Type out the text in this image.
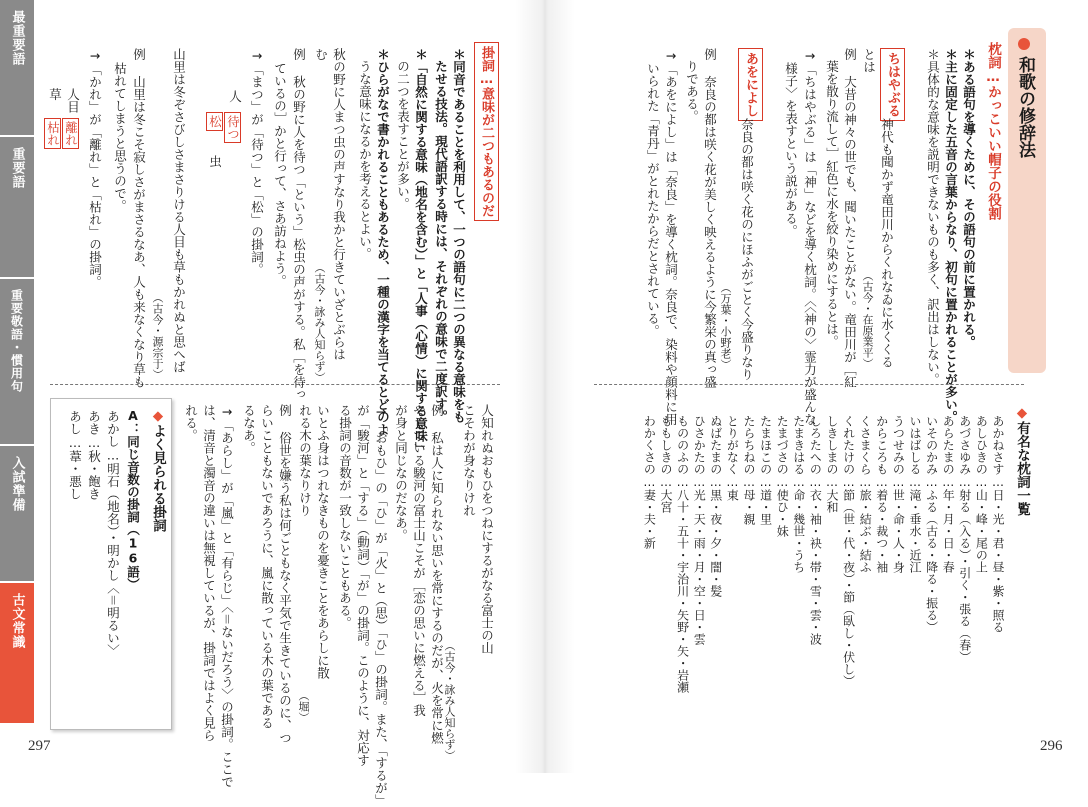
最重要語
重要語
重要敬語・慣用句
入試準備
古文常識
297	296
和歌の修辞法
枕詞…かっこいい帽子の役割
＊ある語句を導くために、その語句の前に置かれる。
＊主に固定した五音の言葉からなり、初句に置かれることが多い。
＊具体的な意味を説明できないものも多く、訳出はしない。
ちはやぶる
神代も聞かず竜田川からくれなゐに水くくる
（古今・在原業平）
とは
例 大昔の神々の世でも、聞いたことがない。竜田川が［紅
葉を散り流して］紅色に水を絞り染めにするとは。
→「ちはやぶる」は「神」などを導く枕詞。〈〈神の〉霊力が盛んな
様子〉を表すという説がある。
あをによし
奈良の都は咲く花のにほふがごとく今盛りなり
（万葉・小野老）
例 奈良の都は咲く花が美しく映えるように今繁栄の真っ盛
りである。
→「あをによし」は「奈良」を導く枕詞。奈良で、染料や顔料に用
いられた「青丹」がとれたからだとされている。
◆有名な枕詞一覧
あかねさす…日・光・君・昼・紫・照る
あしひきの…山・峰・尾の上
あづさゆみ…射る（入る）・引く・張る（春）
あらたまの…年・月・日・春
いそのかみ…ふる（古る・降る・振る）
いはばしる…滝・垂水・近江
うつせみの…世・命・人・身
からころも…着る・裁つ・袖
くさまくら…旅・結ぶ・結ふ
くれたけの…節（世・代・夜）・節（臥し・伏し）
しきしまの…大和
しろたへの…衣・袖・袂・帯・雪・雲・波
たまきはる…命・幾世・うち
たまづさの…使ひ・妹
たまほこの…道・里
たらちねの…母・親
とりがなく…東
ぬばたまの…黒・夜・夕・闇・髪
ひさかたの…光・天・雨・月・空・日・雲
もののふの…八十・五十・宇治川・矢野・矢・岩瀬
ももしきの…大宮
わかくさの…妻・夫・新
掛詞…意味が二つもあるのだ
＊同音であることを利用して、一つの語句に二つの異なる意味をも
たせる技法。現代語訳する時には、それぞれの意味で二度訳す。
＊「自然に関する意味（地名を含む）」と「人事（心情）に関する意味」
の二つを表すことが多い。
＊ひらがなで書かれることもあるため、一種の漢字を当てるとどのよ
うな意味になるかを考えるとよい。
秋の野に人まつ虫の声すなり我かと行きていざとぶらは
む
（古今・詠み人知らず）
例 秋の野に人を待つ「という」松虫の声がする。私［を待っ
ているの］かと行って、さあ訪ねよう。
→「まつ」が「待つ」と「松」の掛詞。
人
待つ
松
虫
山里は冬ぞさびしさまさりける人目も草もかれぬと思へば
（古今・源宗于）
例 山里は冬こそ寂しさがまさるなあ、人も来なくなり草も
枯れてしまうと思うので。
→「かれ」が「離れ」と「枯れ」の掛詞。
人目
離れ
草
枯れ
人知れぬおもひをつねにするがなる富士の山
こそわが身なりけれ
（古今・詠み人知らず）
例 私は人に知られない思いを常にするのだが、火を常に燃
やしている駿河の富士山こそが［恋の思いに燃える］我
が身と同じなのだなあ。
→「おもひ」の「ひ」が「火」と（思）「ひ」の掛詞。また、「するが」
が「駿河」と「する」（動詞）「が」の掛詞。このように、対応す
る掛詞の音数が一致しないこともある。
いとふ身はつれなきものを憂きことをあらしに散
れる木の葉なりけり
（堀）
例 俗世を嫌う私は何ごともなく平気で生きているのに、つ
らいこともないであろうに、嵐に散っている木の葉である
るなあ。
→「あらし」が「嵐」と「有らじ」〈＝ないだろう〉の掛詞。ここで
は、清音と濁音の違いは無視しているが、掛詞ではよく見ら
れる。
◆よく見られる掛詞
A：同じ音数の掛詞（16語）
あかし…明石（地名）・明かし〈＝明るい〉
あき…秋・飽き
あし…葦・悪し
